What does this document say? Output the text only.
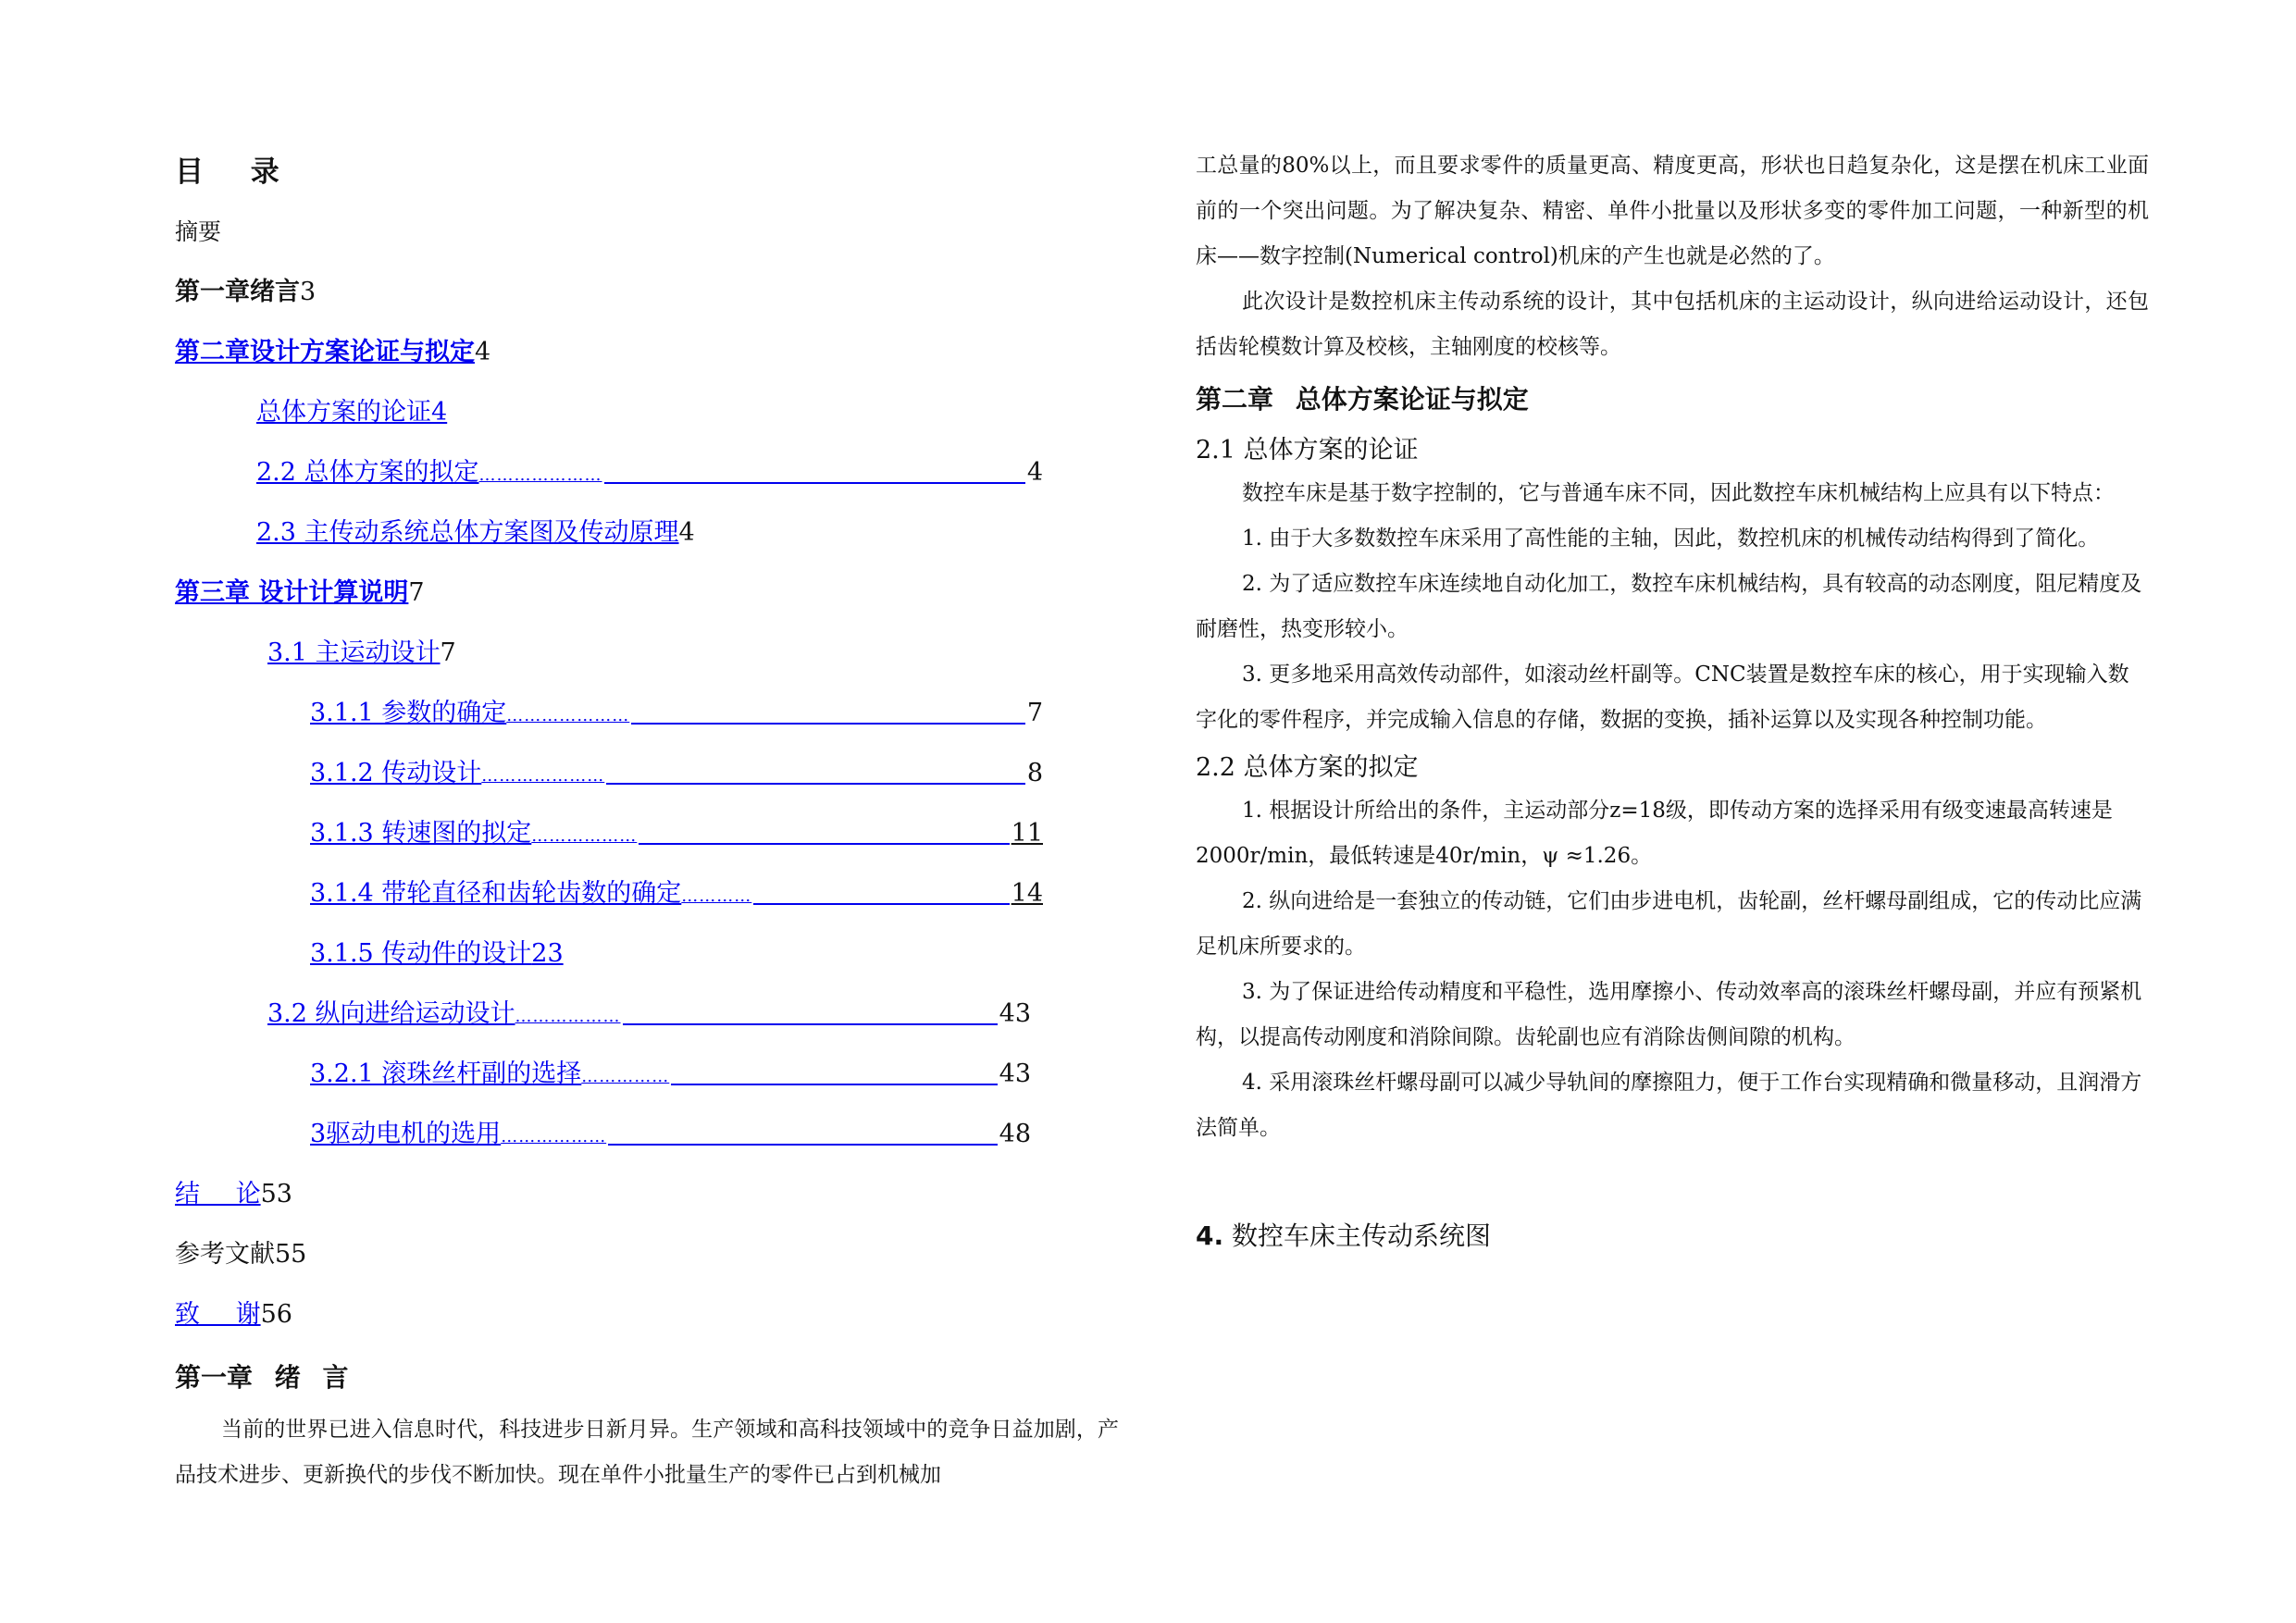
目 录
摘要
第一章绪言3
第二章设计方案论证与拟定4
总体方案的论证4
2.2 总体方案的拟定 …………………	4
2.3 主传动系统总体方案图及传动原理4
第三章 设计计算说明7
3.1 主运动设计7
3.1.1 参数的确定 …………………	7
3.1.2 传动设计 …………………	8
3.1.3 转速图的拟定 ………………	11
3.1.4 带轮直径和齿轮齿数的确定 …………	14
3.1.5 传动件的设计23
3.2 纵向进给运动设计 ………………	43
3.2.1 滚珠丝杆副的选择 ……………	43
3驱动电机的选用 ………………	48
结 论53
参考文献55
致 谢56
第一章 绪 言

当前的世界已进入信息时代，科技进步日新月异。生产领域和高科技领域中的竞争日益加剧，产品技术进步、更新换代的步伐不断加快。现在单件小批量生产的零件已占到机械加

工总量的80%以上，而且要求零件的质量更高、精度更高，形状也日趋复杂化，这是摆在机床工业面前的一个突出问题。为了解决复杂、精密、单件小批量以及形状多变的零件加工问题，一种新型的机床——数字控制(Numerical control)机床的产生也就是必然的了。

此次设计是数控机床主传动系统的设计，其中包括机床的主运动设计，纵向进给运动设计，还包括齿轮模数计算及校核，主轴刚度的校核等。

第二章 总体方案论证与拟定
2.1 总体方案的论证

数控车床是基于数字控制的，它与普通车床不同，因此数控车床机械结构上应具有以下特点：

1. 由于大多数数控车床采用了高性能的主轴，因此，数控机床的机械传动结构得到了简化。

2. 为了适应数控车床连续地自动化加工，数控车床机械结构，具有较高的动态刚度，阻尼精度及耐磨性，热变形较小。

3. 更多地采用高效传动部件，如滚动丝杆副等。CNC装置是数控车床的核心，用于实现输入数字化的零件程序，并完成输入信息的存储，数据的变换，插补运算以及实现各种控制功能。

2.2 总体方案的拟定

1. 根据设计所给出的条件，主运动部分z=18级，即传动方案的选择采用有级变速最高转速是2000r/min，最低转速是40r/min，ψ ≈1.26。

2. 纵向进给是一套独立的传动链，它们由步进电机，齿轮副，丝杆螺母副组成，它的传动比应满足机床所要求的。

3. 为了保证进给传动精度和平稳性，选用摩擦小、传动效率高的滚珠丝杆螺母副，并应有预紧机构，以提高传动刚度和消除间隙。齿轮副也应有消除齿侧间隙的机构。

4. 采用滚珠丝杆螺母副可以减少导轨间的摩擦阻力，便于工作台实现精确和微量移动，且润滑方法简单。

4. 数控车床主传动系统图
